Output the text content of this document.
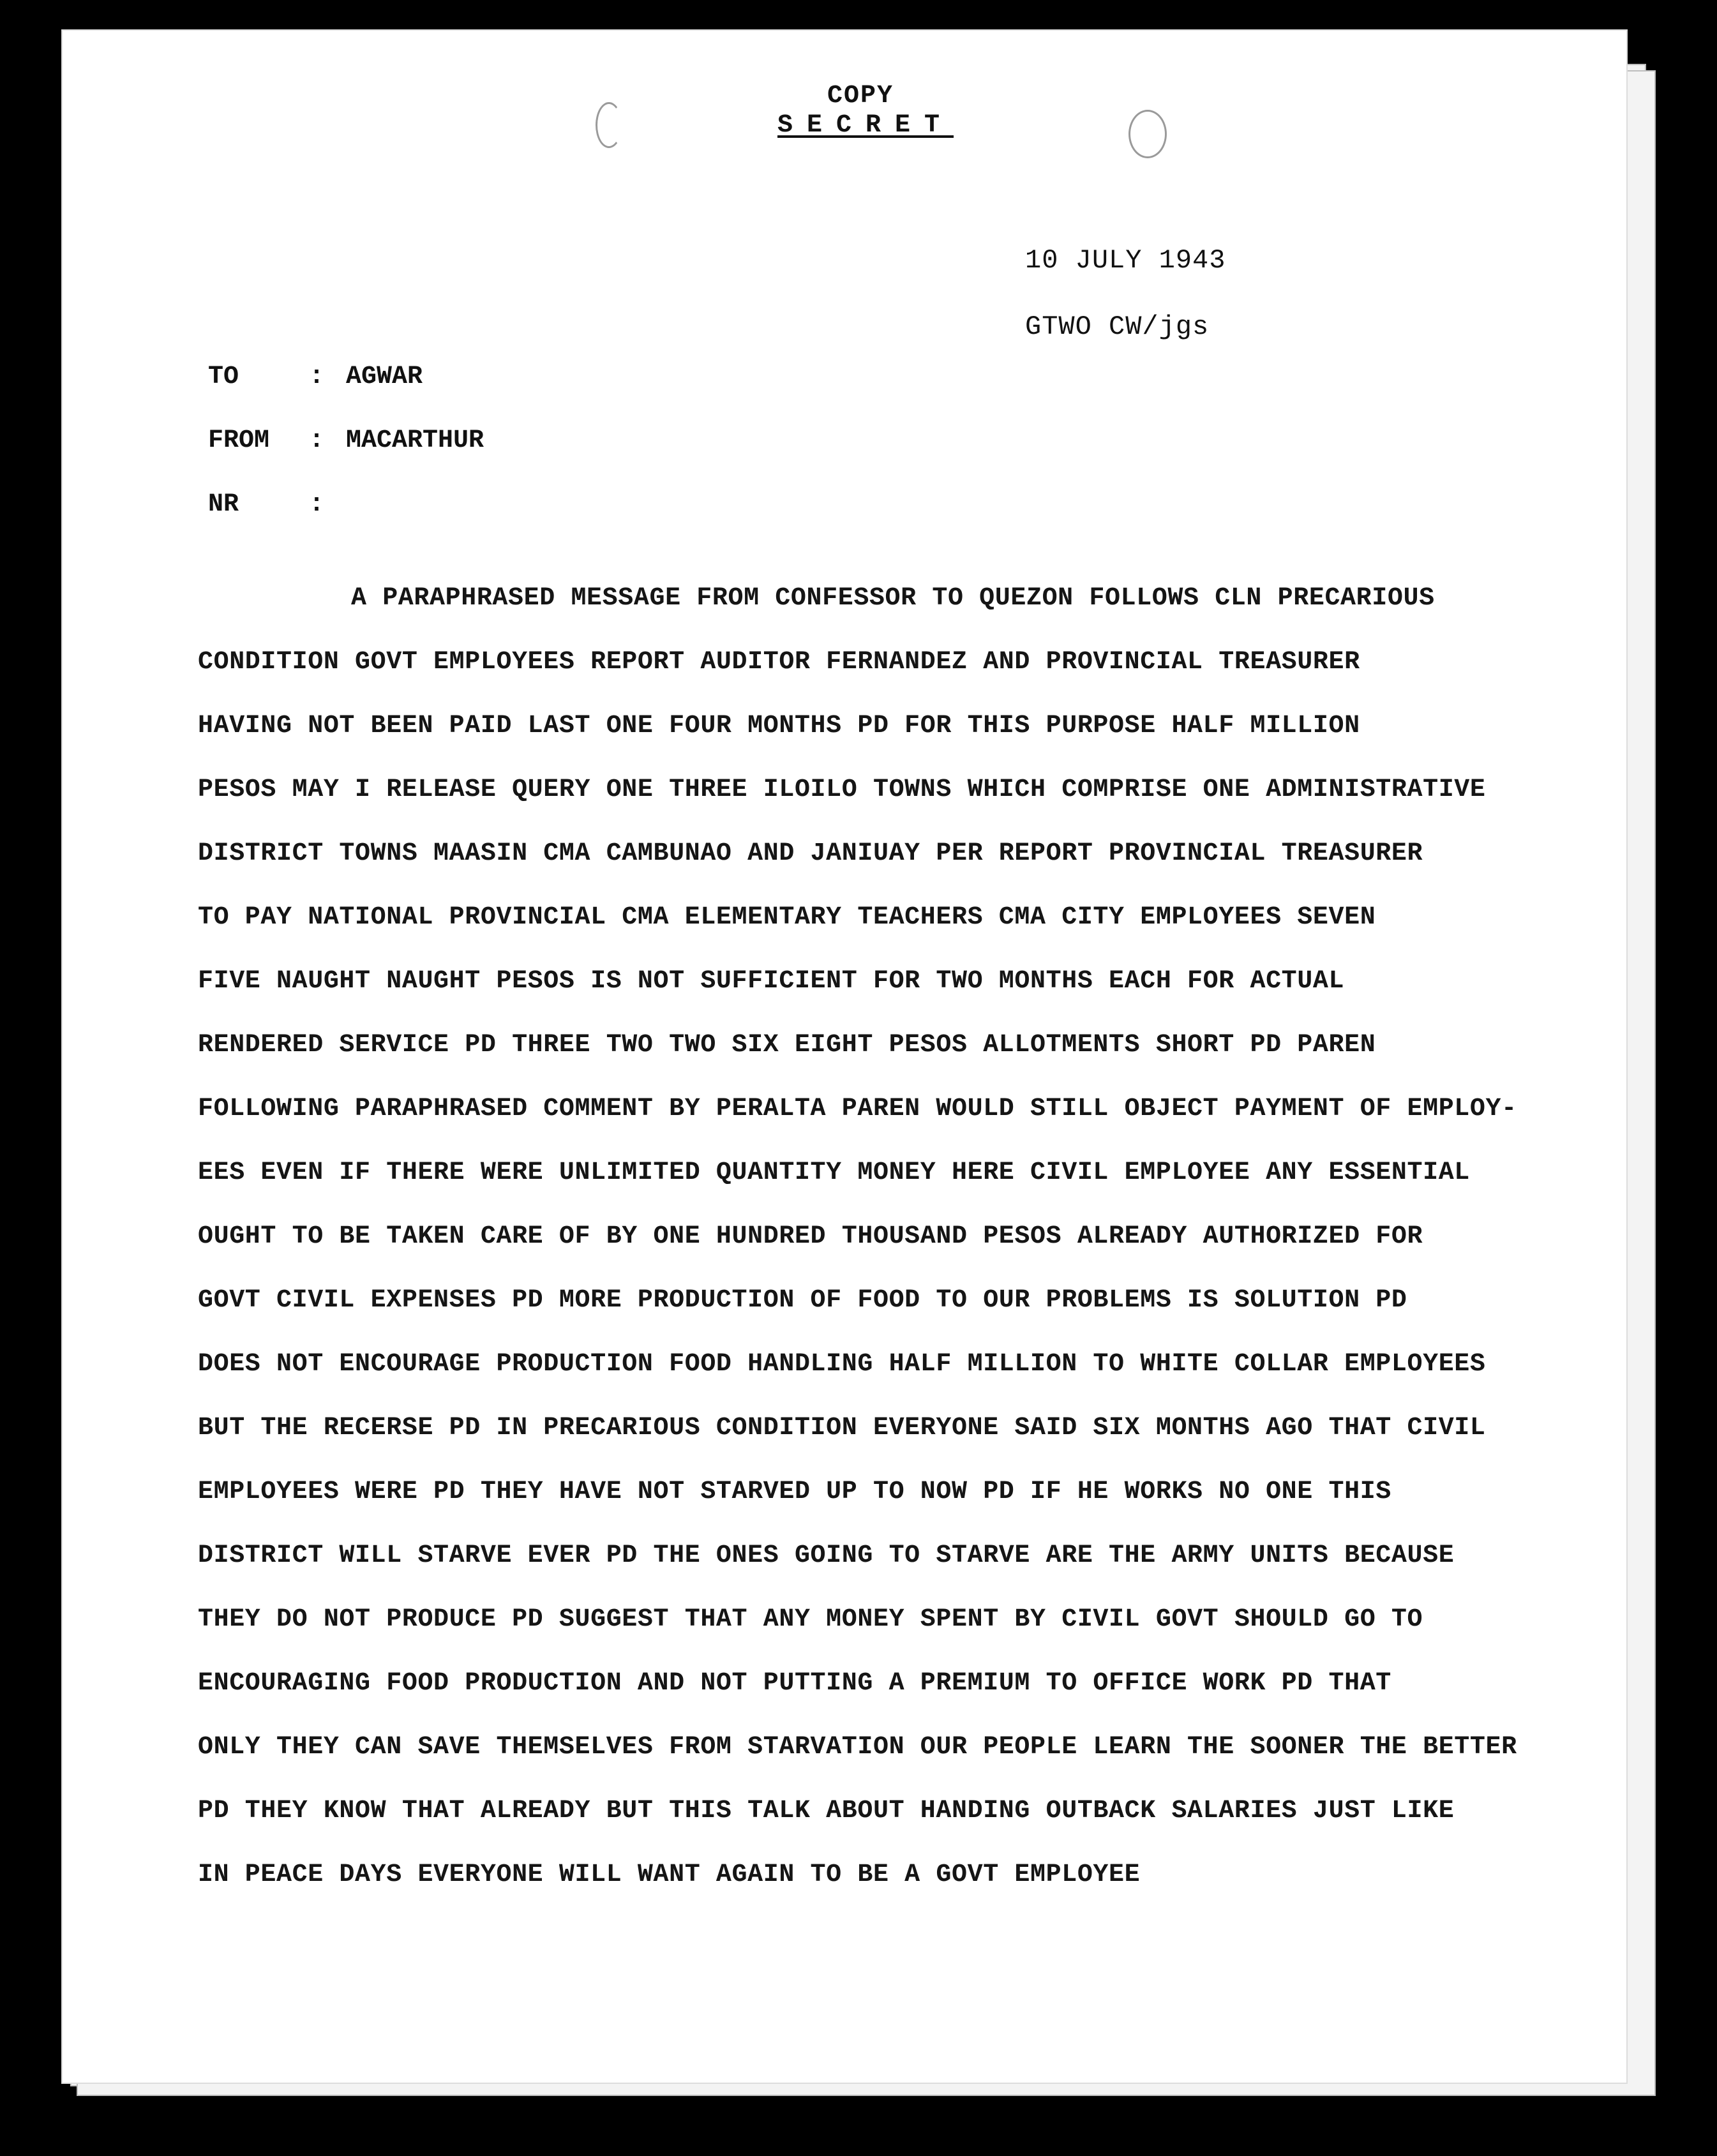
COPY
SECRET
10 JULY 1943
GTWO CW/jgs
TO	: AGWAR
FROM : MACARTHUR
NR	:
A PARAPHRASED MESSAGE FROM CONFESSOR TO QUEZON FOLLOWS CLN PRECARIOUS
CONDITION GOVT EMPLOYEES REPORT AUDITOR FERNANDEZ AND PROVINCIAL TREASURER
HAVING NOT BEEN PAID LAST ONE FOUR MONTHS PD FOR THIS PURPOSE HALF MILLION
PESOS MAY I RELEASE QUERY ONE THREE ILOILO TOWNS WHICH COMPRISE ONE ADMINISTRATIVE
DISTRICT TOWNS MAASIN CMA CAMBUNAO AND JANIUAY PER REPORT PROVINCIAL TREASURER
TO PAY NATIONAL PROVINCIAL CMA ELEMENTARY TEACHERS CMA CITY EMPLOYEES SEVEN
FIVE NAUGHT NAUGHT PESOS IS NOT SUFFICIENT FOR TWO MONTHS EACH FOR ACTUAL
RENDERED SERVICE PD THREE TWO TWO SIX EIGHT PESOS ALLOTMENTS SHORT PD PAREN
FOLLOWING PARAPHRASED COMMENT BY PERALTA PAREN WOULD STILL OBJECT PAYMENT OF EMPLOY-
EES EVEN IF THERE WERE UNLIMITED QUANTITY MONEY HERE CIVIL EMPLOYEE ANY ESSENTIAL
OUGHT TO BE TAKEN CARE OF BY ONE HUNDRED THOUSAND PESOS ALREADY AUTHORIZED FOR
GOVT CIVIL EXPENSES PD MORE PRODUCTION OF FOOD TO OUR PROBLEMS IS SOLUTION PD
DOES NOT ENCOURAGE PRODUCTION FOOD HANDLING HALF MILLION TO WHITE COLLAR EMPLOYEES
BUT THE RECERSE PD IN PRECARIOUS CONDITION EVERYONE SAID SIX MONTHS AGO THAT CIVIL
EMPLOYEES WERE PD THEY HAVE NOT STARVED UP TO NOW PD IF HE WORKS NO ONE THIS
DISTRICT WILL STARVE EVER PD THE ONES GOING TO STARVE ARE THE ARMY UNITS BECAUSE
THEY DO NOT PRODUCE PD SUGGEST THAT ANY MONEY SPENT BY CIVIL GOVT SHOULD GO TO
ENCOURAGING FOOD PRODUCTION AND NOT PUTTING A PREMIUM TO OFFICE WORK PD THAT
ONLY THEY CAN SAVE THEMSELVES FROM STARVATION OUR PEOPLE LEARN THE SOONER THE BETTER
PD THEY KNOW THAT ALREADY BUT THIS TALK ABOUT HANDING OUTBACK SALARIES JUST LIKE
IN PEACE DAYS EVERYONE WILL WANT AGAIN TO BE A GOVT EMPLOYEE
